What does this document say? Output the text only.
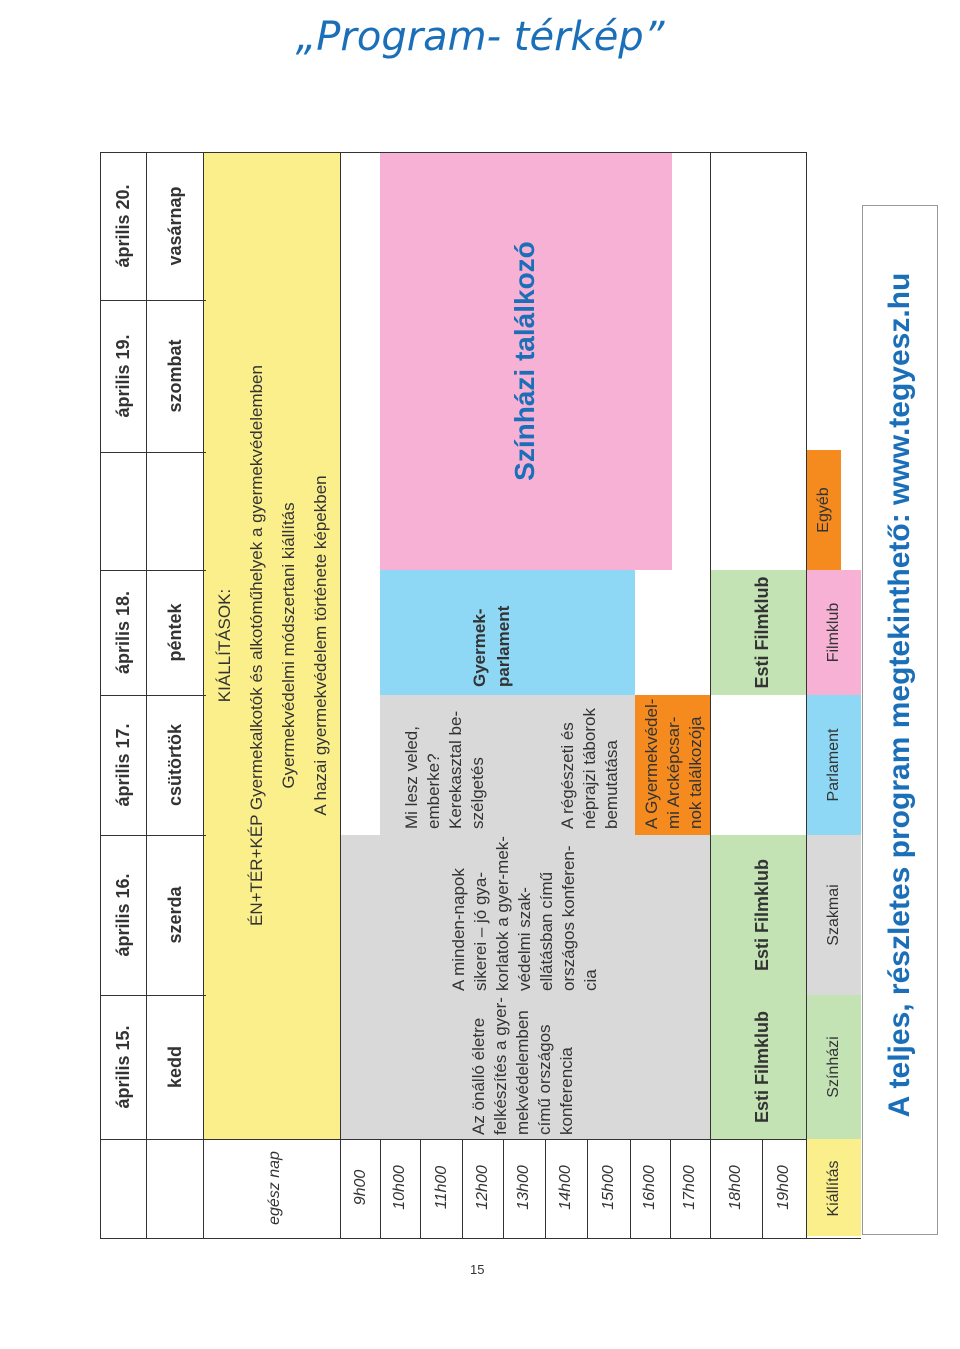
„Program- térkép”
április 15.
április 16.
április 17.
április 18.
április 19.
április 20.
kedd
szerda
csütörtök
péntek
szombat
vasárnap
egész nap	9h00 10h00 11h00 12h00 13h00 14h00 15h00 16h00 17h00 18h00 19h00
KIÁLLÍTÁSOK: ÉN+TÉR+KÉP Gyermekalkotók és alkotóműhelyek a gyermekvédelemben Gyermekvédelmi módszertani kiállítás A hazai gyermekvédelem története képekben
Az önálló életre felkészítés a gyer-mekvédelemben című országos konferencia
A minden-napok sikerei – jó gya-korlatok a gyer-mek-védelmi szak-ellátásban című országos konferen-cia
Mi lesz veled, emberke? Kerekasztal be-szélgetés	A régészeti és néprajzi táborok bemutatása A Gyermekvédel-mi Arcképcsar-nok találkozója
Gyermek-parlament
Színházi találkozó
Esti Filmklub
Esti Filmklub
Esti Filmklub
Kiállítás
Színházi
Szakmai
Parlament
Filmklub
Egyéb A teljes, részletes program megtekinthető: www.tegyesz.hu
15
